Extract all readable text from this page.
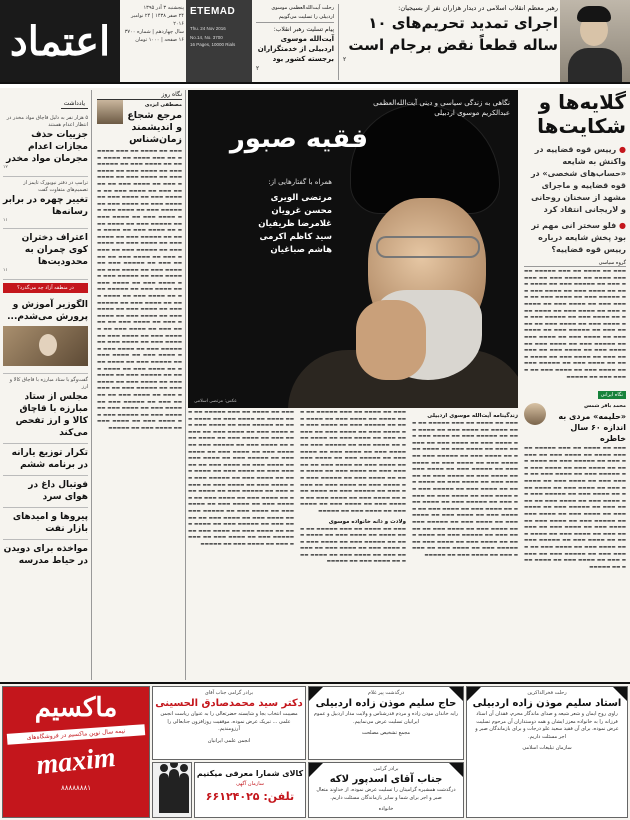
اعتماد
پنجشنبه ۳ آذر ۱۳۹۵
۲۴ صفر ۱۴۳۸ | ۲۴ نوامبر ۲۰۱۶
سال چهاردهم | شماره ۳۷۰۰
۱۶ صفحه | ۱۰۰۰ تومان
ETEMAD
Thu. 24 Nov 2016
No.14, No. 3700
16 Pages, 10000 Rials
رحلت آیت‌الله‌العظمی موسوی اردبیلی را تسلیت می‌گوییم
پیام تسلیت رهبر انقلاب:
آیت‌الله موسوی اردبیلی از خدمتگزاران برجسته کشور بود
۲
رهبر معظم انقلاب اسلامی در دیدار هزاران نفر از بسیجیان:
اجرای تمدید تحریم‌های ۱۰ ساله قطعاً نقض برجام است
۲
یادداشت
۵ هزار نفر به دلیل قاچاق مواد مخدر در انتظار اعدام هستند
جزییات حذف مجازات اعدام مجرمان مواد مخدر
۱۲
ترامپ در دفتر نیویورک تایمز از تصمیم‌های متفاوت گفت
تغییر چهره در برابر رسانه‌ها
۱۱
اعتراف دختران کوی چمران به محدودیت‌ها
۱۱
در منطقه آزاد چه می‌گذرد؟
الگو‌زیر آموزش و پرورش می‌شدم...
گفت‌وگو با ستاد مبارزه با قاچاق کالا و ارز
مجلس از ستاد مبارزه با قاچاق کالا و ارز تفحص می‌کند
تکرار توزیع یارانه در برنامه ششم
فوتبال داغ در هوای سرد
پیروها و امیدهای بازار نفت
مواخذه برای دویدن در حیاط مدرسه
نگاه روز
مصطفی ایزدی
مرجع شجاع و اندیشمند زمان‌شناس
▬▬▬ ▬▬ ▬▬▬▬ ▬▬ ▬▬▬ ▬▬▬▬▬ ▬▬ ▬▬▬ ▬▬▬▬ ▬▬ ▬▬▬▬ ▬▬▬ ▬▬ ▬▬▬▬ ▬▬▬ ▬▬ ▬▬▬▬▬ ▬▬▬ ▬▬ ▬▬▬▬ ▬▬▬ ▬▬ ▬▬▬▬ ▬▬▬ ▬▬ ▬▬▬▬ ▬▬▬ ▬▬ ▬▬▬▬▬ ▬▬▬ ▬▬ ▬▬▬▬ ▬▬▬ ▬▬ ▬▬▬▬ ▬▬▬ ▬▬ ▬▬▬▬ ▬▬▬ ▬▬ ▬▬▬▬▬ ▬▬▬ ▬▬ ▬▬▬▬ ▬▬▬ ▬▬ ▬▬▬▬ ▬▬▬ ▬▬ ▬▬▬▬ ▬▬▬ ▬▬ ▬▬▬▬▬ ▬▬▬ ▬▬ ▬▬▬▬ ▬▬▬ ▬▬ ▬▬▬▬ ▬▬▬ ▬▬ ▬▬▬▬ ▬▬▬ ▬▬ ▬▬▬▬▬ ▬▬▬ ▬▬ ▬▬▬▬ ▬▬▬ ▬▬ ▬▬▬▬ ▬▬▬ ▬▬ ▬▬▬▬ ▬▬▬ ▬▬ ▬▬▬▬▬ ▬▬▬ ▬▬ ▬▬▬▬ ▬▬▬ ▬▬ ▬▬▬▬ ▬▬▬ ▬▬ ▬▬▬▬ ▬▬▬ ▬▬ ▬▬▬▬▬ ▬▬▬ ▬▬ ▬▬▬▬ ▬▬▬ ▬▬ ▬▬▬▬ ▬▬▬ ▬▬ ▬▬▬▬ ▬▬▬ ▬▬ ▬▬▬▬▬ ▬▬▬ ▬▬ ▬▬▬▬ ▬▬▬ ▬▬ ▬▬▬▬ ▬▬▬ ▬▬ ▬▬▬▬ ▬▬▬ ▬▬ ▬▬▬▬▬ ▬▬▬ ▬▬ ▬▬▬▬ ▬▬▬ ▬▬ ▬▬▬▬ ▬▬▬ ▬▬ ▬▬▬▬ ▬▬▬ ▬▬ ▬▬▬▬▬ ▬▬▬ ▬▬ ▬▬▬▬ ▬▬▬ ▬▬ ▬▬▬▬ ▬▬▬ ▬▬ ▬▬▬▬ ▬▬▬ ▬▬ ▬▬▬▬▬ ▬▬▬ ▬▬ ▬▬▬▬ ▬▬▬ ▬▬ ▬▬▬▬ ▬▬▬ ▬▬ ▬▬▬▬ ▬▬▬ ▬▬ ▬▬▬▬▬ ▬▬▬ ▬▬ ▬▬▬▬ ▬▬▬ ▬▬ ▬▬▬▬ ▬▬▬ ▬▬ ▬▬▬▬ ▬▬▬ ▬▬ ▬▬▬▬▬ ▬▬▬ ▬▬ ▬▬▬▬ ▬▬▬ ▬▬ ▬▬▬▬ ▬▬▬ ▬▬ ▬▬▬▬ ▬▬▬ ▬▬ ▬▬▬▬▬ ▬▬▬ ▬▬ ▬▬▬▬ ▬▬▬ ▬▬ ▬▬▬▬ ▬▬▬ ▬▬ ▬▬▬▬ ▬▬▬ ▬▬ ▬▬▬▬▬ ▬▬▬ ▬▬ ▬▬▬▬ ▬▬▬ ▬▬ ▬▬▬▬ ▬▬▬ ▬▬ ▬▬▬▬ ▬▬▬ ▬▬ ▬▬▬▬▬ ▬▬▬ ▬▬ ▬▬▬▬ ▬▬▬ ▬▬ ▬▬▬▬ ▬▬▬ ▬▬ ▬▬▬▬ ▬▬▬ ▬▬ ▬▬▬▬▬ ▬▬▬ ▬▬ ▬▬▬▬ ▬▬▬ ▬▬ ▬▬▬▬ ▬▬▬ ▬▬ ▬▬▬▬ ▬▬▬ ▬▬ ▬▬▬▬▬ ▬▬▬ ▬▬ ▬▬▬▬ ▬▬▬ ▬▬ ▬▬▬▬ ▬▬▬ ▬▬ ▬▬▬▬ ▬▬▬ ▬▬ ▬▬▬▬▬ ▬▬▬ ▬▬ ▬▬▬▬ ▬▬▬ ▬▬ ▬▬▬▬ ▬▬▬ ▬▬ ▬▬▬▬ ▬▬▬ ▬▬ ▬▬▬▬▬
نگاهی به زندگی سیاسی و دینی آیت‌الله‌العظمی عبدالکریم موسوی اردبیلی
فقیه صبور
همراه با گفتار‌هایی از:
مرتضی الویری
محسن غرویان
غلامرضا ظریفیان
سید کاظم اکرمی
هاشم صباغیان
عکس: مرتضی اسلامی
زندگینامه آیت‌الله موسوی اردبیلی
▬▬▬ ▬▬ ▬▬▬▬ ▬▬ ▬▬▬ ▬▬▬▬▬ ▬▬ ▬▬▬ ▬▬▬▬ ▬▬ ▬▬▬▬ ▬▬▬ ▬▬ ▬▬▬▬ ▬▬▬ ▬▬ ▬▬▬▬▬ ▬▬▬ ▬▬ ▬▬▬▬ ▬▬▬ ▬▬ ▬▬▬▬ ▬▬▬ ▬▬ ▬▬▬▬ ▬▬▬ ▬▬ ▬▬▬▬▬ ▬▬▬ ▬▬ ▬▬▬▬ ▬▬▬ ▬▬ ▬▬▬▬ ▬▬▬ ▬▬ ▬▬▬▬ ▬▬▬ ▬▬ ▬▬▬▬▬ ▬▬▬ ▬▬ ▬▬▬▬ ▬▬▬ ▬▬ ▬▬▬▬ ▬▬▬ ▬▬ ▬▬▬▬ ▬▬▬ ▬▬ ▬▬▬▬▬ ▬▬▬ ▬▬ ▬▬▬▬ ▬▬▬ ▬▬ ▬▬▬▬ ▬▬▬ ▬▬ ▬▬▬▬ ▬▬▬ ▬▬ ▬▬▬▬▬ ▬▬▬ ▬▬ ▬▬▬▬ ▬▬▬ ▬▬ ▬▬▬▬ ▬▬▬ ▬▬ ▬▬▬▬ ▬▬▬ ▬▬ ▬▬▬▬▬ ▬▬▬ ▬▬ ▬▬▬▬ ▬▬▬ ▬▬ ▬▬▬▬ ▬▬▬ ▬▬ ▬▬▬▬ ▬▬▬ ▬▬ ▬▬▬▬▬ ▬▬▬ ▬▬ ▬▬▬▬ ▬▬▬ ▬▬ ▬▬▬▬ ▬▬▬ ▬▬ ▬▬▬▬ ▬▬▬ ▬▬ ▬▬▬▬▬ ▬▬▬ ▬▬ ▬▬▬▬ ▬▬▬ ▬▬ ▬▬▬▬ ▬▬▬ ▬▬ ▬▬▬▬ ▬▬▬ ▬▬ ▬▬▬▬▬ ▬▬▬ ▬▬ ▬▬▬▬ ▬▬▬ ▬▬ ▬▬▬▬ ▬▬▬ ▬▬ ▬▬▬▬ ▬▬▬ ▬▬ ▬▬▬▬▬ ▬▬▬ ▬▬ ▬▬▬▬ ▬▬▬ ▬▬ ▬▬▬▬ ▬▬▬ ▬▬ ▬▬▬▬ ▬▬▬ ▬▬ ▬▬▬▬▬ ▬▬▬ ▬▬ ▬▬▬▬ ▬▬▬ ▬▬ ▬▬▬▬ ▬▬▬ ▬▬ ▬▬▬▬ ▬▬▬ ▬▬ ▬▬▬▬▬
▬▬▬ ▬▬ ▬▬▬▬ ▬▬ ▬▬▬ ▬▬▬▬▬ ▬▬ ▬▬▬ ▬▬▬▬ ▬▬ ▬▬▬▬ ▬▬▬ ▬▬ ▬▬▬▬ ▬▬▬ ▬▬ ▬▬▬▬▬ ▬▬▬ ▬▬ ▬▬▬▬ ▬▬▬ ▬▬ ▬▬▬▬ ▬▬▬ ▬▬ ▬▬▬▬ ▬▬▬ ▬▬ ▬▬▬▬▬ ▬▬▬ ▬▬ ▬▬▬▬ ▬▬▬ ▬▬ ▬▬▬▬ ▬▬▬ ▬▬ ▬▬▬▬ ▬▬▬ ▬▬ ▬▬▬▬▬ ▬▬▬ ▬▬ ▬▬▬▬ ▬▬▬ ▬▬ ▬▬▬▬ ▬▬▬ ▬▬ ▬▬▬▬ ▬▬▬ ▬▬ ▬▬▬▬▬ ▬▬▬ ▬▬ ▬▬▬▬ ▬▬▬ ▬▬ ▬▬▬▬ ▬▬▬ ▬▬ ▬▬▬▬ ▬▬▬ ▬▬ ▬▬▬▬▬ ▬▬▬ ▬▬ ▬▬▬▬ ▬▬▬ ▬▬ ▬▬▬▬ ▬▬▬ ▬▬ ▬▬▬▬ ▬▬▬ ▬▬ ▬▬▬▬▬ ▬▬▬ ▬▬ ▬▬▬▬ ▬▬▬ ▬▬ ▬▬▬▬ ▬▬▬ ▬▬ ▬▬▬▬ ▬▬▬ ▬▬ ▬▬▬▬▬ ▬▬▬ ▬▬ ▬▬▬▬ ▬▬▬ ▬▬ ▬▬▬▬ ▬▬▬ ▬▬ ▬▬▬▬ ▬▬▬ ▬▬ ▬▬▬▬▬ ▬▬▬ ▬▬ ▬▬▬▬ ▬▬▬ ▬▬ ▬▬▬▬ ▬▬▬ ▬▬ ▬▬▬▬ ▬▬▬ ▬▬ ▬▬▬▬▬
ولادت و دانه خانواده موسوی
▬▬▬ ▬▬ ▬▬▬▬ ▬▬ ▬▬▬ ▬▬▬▬▬ ▬▬ ▬▬▬ ▬▬▬▬ ▬▬ ▬▬▬▬ ▬▬▬ ▬▬ ▬▬▬▬ ▬▬▬ ▬▬ ▬▬▬▬▬ ▬▬▬ ▬▬ ▬▬▬▬ ▬▬▬ ▬▬ ▬▬▬▬ ▬▬▬ ▬▬ ▬▬▬▬ ▬▬▬ ▬▬ ▬▬▬▬▬ ▬▬▬ ▬▬ ▬▬▬▬ ▬▬▬ ▬▬ ▬▬▬▬ ▬▬▬ ▬▬ ▬▬▬▬ ▬▬▬ ▬▬ ▬▬▬▬▬
▬▬▬ ▬▬ ▬▬▬▬ ▬▬ ▬▬▬ ▬▬▬▬▬ ▬▬ ▬▬▬ ▬▬▬▬ ▬▬ ▬▬▬▬ ▬▬▬ ▬▬ ▬▬▬▬ ▬▬▬ ▬▬ ▬▬▬▬▬ ▬▬▬ ▬▬ ▬▬▬▬ ▬▬▬ ▬▬ ▬▬▬▬ ▬▬▬ ▬▬ ▬▬▬▬ ▬▬▬ ▬▬ ▬▬▬▬▬ ▬▬▬ ▬▬ ▬▬▬▬ ▬▬▬ ▬▬ ▬▬▬▬ ▬▬▬ ▬▬ ▬▬▬▬ ▬▬▬ ▬▬ ▬▬▬▬▬ ▬▬▬ ▬▬ ▬▬▬▬ ▬▬▬ ▬▬ ▬▬▬▬ ▬▬▬ ▬▬ ▬▬▬▬ ▬▬▬ ▬▬ ▬▬▬▬▬ ▬▬▬ ▬▬ ▬▬▬▬ ▬▬▬ ▬▬ ▬▬▬▬ ▬▬▬ ▬▬ ▬▬▬▬ ▬▬▬ ▬▬ ▬▬▬▬▬ ▬▬▬ ▬▬ ▬▬▬▬ ▬▬▬ ▬▬ ▬▬▬▬ ▬▬▬ ▬▬ ▬▬▬▬ ▬▬▬ ▬▬ ▬▬▬▬▬ ▬▬▬ ▬▬ ▬▬▬▬ ▬▬▬ ▬▬ ▬▬▬▬ ▬▬▬ ▬▬ ▬▬▬▬ ▬▬▬ ▬▬ ▬▬▬▬▬ ▬▬▬ ▬▬ ▬▬▬▬ ▬▬▬ ▬▬ ▬▬▬▬ ▬▬▬ ▬▬ ▬▬▬▬ ▬▬▬ ▬▬ ▬▬▬▬▬ ▬▬▬ ▬▬ ▬▬▬▬ ▬▬▬ ▬▬ ▬▬▬▬ ▬▬▬ ▬▬ ▬▬▬▬ ▬▬▬ ▬▬ ▬▬▬▬▬ ▬▬▬ ▬▬ ▬▬▬▬ ▬▬▬ ▬▬ ▬▬▬▬ ▬▬▬ ▬▬ ▬▬▬▬ ▬▬▬ ▬▬ ▬▬▬▬▬ ▬▬▬ ▬▬ ▬▬▬▬ ▬▬▬ ▬▬ ▬▬▬▬ ▬▬▬ ▬▬ ▬▬▬▬ ▬▬▬ ▬▬ ▬▬▬▬▬ ▬▬▬ ▬▬ ▬▬▬▬ ▬▬▬ ▬▬ ▬▬▬▬ ▬▬▬ ▬▬ ▬▬▬▬ ▬▬▬ ▬▬ ▬▬▬▬▬
گلایه‌ها و شکایت‌ها
● رییس قوه قضاییه در واکنش به شایعه «حساب‌های شخصی» در قوه قضاییه و ماجرای مشهد از سخنان روحانی و لاریجانی انتقاد کرد
● فلو سختر انی مهم تر بود پخش شایعه درباره رییس قوه قضاییه؟
گروه سیاسی
▬▬▬ ▬▬ ▬▬▬▬ ▬▬ ▬▬▬ ▬▬▬▬▬ ▬▬ ▬▬▬ ▬▬▬▬ ▬▬ ▬▬▬▬ ▬▬▬ ▬▬ ▬▬▬▬ ▬▬▬ ▬▬ ▬▬▬▬▬ ▬▬▬ ▬▬ ▬▬▬▬ ▬▬▬ ▬▬ ▬▬▬▬ ▬▬▬ ▬▬ ▬▬▬▬ ▬▬▬ ▬▬ ▬▬▬▬▬ ▬▬▬ ▬▬ ▬▬▬▬ ▬▬▬ ▬▬ ▬▬▬▬ ▬▬▬ ▬▬ ▬▬▬▬ ▬▬▬ ▬▬ ▬▬▬▬▬ ▬▬▬ ▬▬ ▬▬▬▬ ▬▬▬ ▬▬ ▬▬▬▬ ▬▬▬ ▬▬ ▬▬▬▬ ▬▬▬ ▬▬ ▬▬▬▬▬ ▬▬▬ ▬▬ ▬▬▬▬ ▬▬▬ ▬▬ ▬▬▬▬ ▬▬▬ ▬▬ ▬▬▬▬ ▬▬▬ ▬▬ ▬▬▬▬▬ ▬▬▬ ▬▬ ▬▬▬▬ ▬▬▬ ▬▬ ▬▬▬▬ ▬▬▬ ▬▬ ▬▬▬▬ ▬▬▬ ▬▬ ▬▬▬▬▬ ▬▬▬ ▬▬ ▬▬▬▬ ▬▬▬ ▬▬ ▬▬▬▬ ▬▬▬ ▬▬ ▬▬▬▬ ▬▬▬ ▬▬ ▬▬▬▬▬ ▬▬▬ ▬▬ ▬▬▬▬ ▬▬▬ ▬▬ ▬▬▬▬ ▬▬▬ ▬▬ ▬▬▬▬ ▬▬▬ ▬▬ ▬▬▬▬▬ ▬▬▬ ▬▬ ▬▬▬▬ ▬▬▬ ▬▬ ▬▬▬▬ ▬▬▬ ▬▬ ▬▬▬▬ ▬▬▬ ▬▬ ▬▬▬▬▬
نگاه ایرانی
محمد باقر شمس
«حلیمه» مردی به اندازه ۶۰ سال خاطره
▬▬▬ ▬▬ ▬▬▬▬ ▬▬ ▬▬▬ ▬▬▬▬▬ ▬▬ ▬▬▬ ▬▬▬▬ ▬▬ ▬▬▬▬ ▬▬▬ ▬▬ ▬▬▬▬ ▬▬▬ ▬▬ ▬▬▬▬▬ ▬▬▬ ▬▬ ▬▬▬▬ ▬▬▬ ▬▬ ▬▬▬▬ ▬▬▬ ▬▬ ▬▬▬▬ ▬▬▬ ▬▬ ▬▬▬▬▬ ▬▬▬ ▬▬ ▬▬▬▬ ▬▬▬ ▬▬ ▬▬▬▬ ▬▬▬ ▬▬ ▬▬▬▬ ▬▬▬ ▬▬ ▬▬▬▬▬ ▬▬▬ ▬▬ ▬▬▬▬ ▬▬▬ ▬▬ ▬▬▬▬ ▬▬▬ ▬▬ ▬▬▬▬ ▬▬▬ ▬▬ ▬▬▬▬▬ ▬▬▬ ▬▬ ▬▬▬▬ ▬▬▬ ▬▬ ▬▬▬▬ ▬▬▬ ▬▬ ▬▬▬▬ ▬▬▬ ▬▬ ▬▬▬▬▬ ▬▬▬ ▬▬ ▬▬▬▬ ▬▬▬ ▬▬ ▬▬▬▬ ▬▬▬ ▬▬ ▬▬▬▬ ▬▬▬ ▬▬ ▬▬▬▬▬ ▬▬▬ ▬▬ ▬▬▬▬ ▬▬▬ ▬▬ ▬▬▬▬ ▬▬▬ ▬▬ ▬▬▬▬ ▬▬▬ ▬▬ ▬▬▬▬▬ ▬▬▬ ▬▬ ▬▬▬▬ ▬▬▬ ▬▬ ▬▬▬▬ ▬▬▬ ▬▬ ▬▬▬▬ ▬▬▬ ▬▬ ▬▬▬▬▬ ▬▬▬ ▬▬ ▬▬▬▬ ▬▬▬ ▬▬ ▬▬▬▬ ▬▬▬ ▬▬ ▬▬▬▬ ▬▬▬ ▬▬ ▬▬▬▬▬ ▬▬▬ ▬▬ ▬▬▬▬ ▬▬▬ ▬▬ ▬▬▬▬ ▬▬▬ ▬▬ ▬▬▬▬ ▬▬▬ ▬▬ ▬▬▬▬▬
ماکسیم
نیمه سال نوین ماکسیم در فروشگاه‌های
maxim
۸۸۸۸۸۸۸۱
برادر گرامی جناب آقای
دکتر سید محمدصادق الحسینی
مصیبت انتخاب بجا و شایسته حضرتعالی را به عنوان ریاست انجمن علمی ... تبریک عرض نموده، موفقیت روزافزون جنابعالی را آرزومندیم.
انجمن علمی ایرانیان
کالای شمارا معرفی میکنیم
سازمان آگهی
تلفن: ۶۶۱۲۴۰۲۵
درگذشت پیر غلام
حاج سلیم موذن زاده اردبیلی
رابه خاندان موذن زاده و مردم قدرشناس و ولایت مدار اردبیل و عموم ایرانیان تسلیت عرض می‌نماییم.
مجمع تشخیص مصلحت
برادر گرامی
جناب آقای اسدپور لاکه
درگذشت همشیره گرامیتان را تسلیت عرض نموده، از خداوند متعال صبر و اجر برای شما و سایر بازماندگان مسئلت داریم.
خانواده
رحلت فخرالذاکرین
استاد سلیم موذن زاده اردبیلی
راوی روح ایمان و شعر شیعه و صدای ماندگار محرم، فقدان آن استاد فرزانه را به خانواده معزز ایشان و همه دوستداران آن مرحوم تسلیت عرض نموده، برای آن فقید سعید علو درجات و برای بازماندگان صبر و اجر مسئلت داریم.
سازمان تبلیغات اسلامی
